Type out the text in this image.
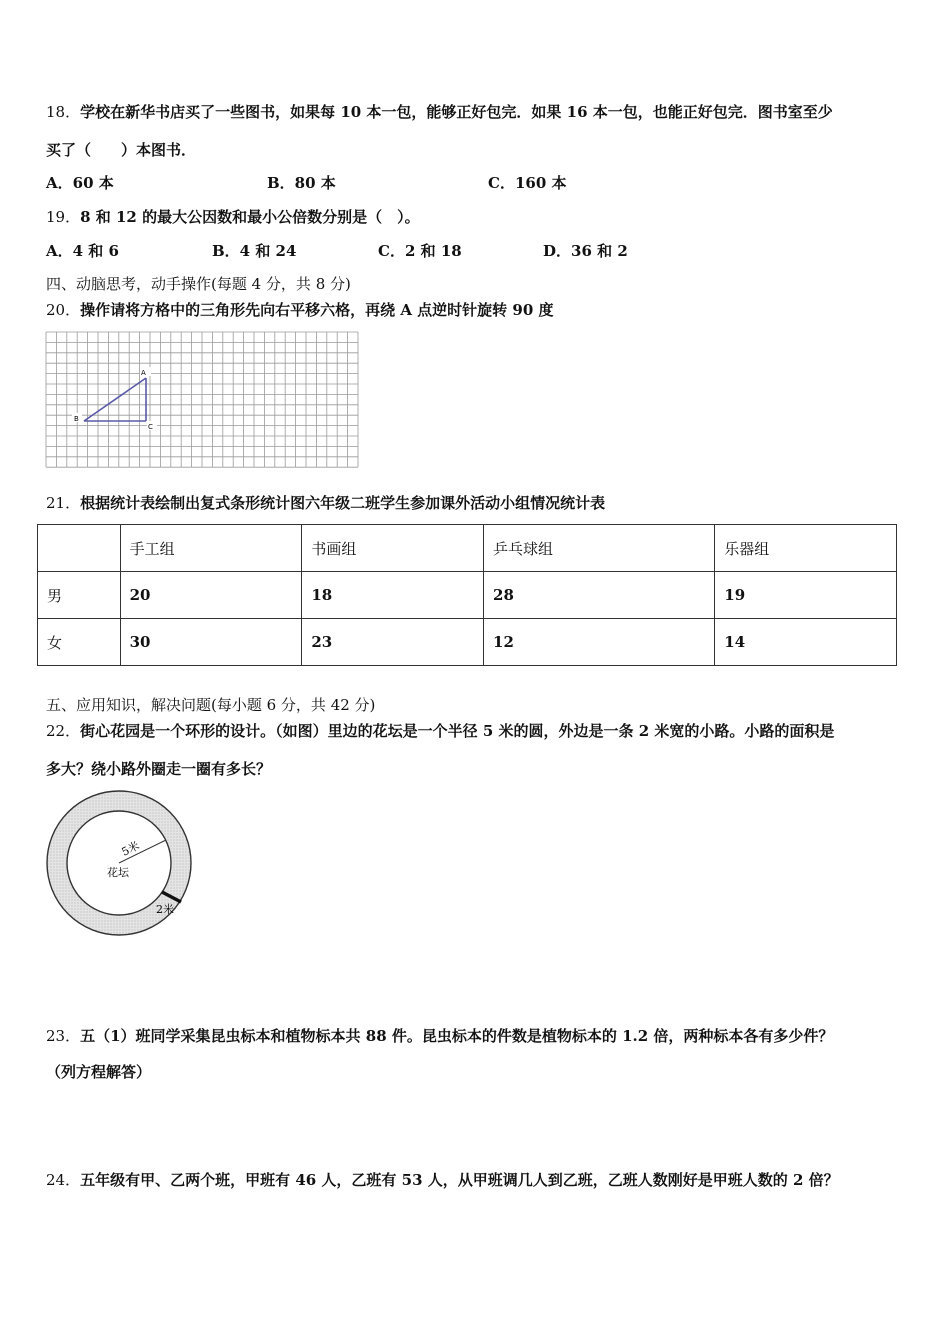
18．学校在新华书店买了一些图书，如果每 10 本一包，能够正好包完．如果 16 本一包，也能正好包完．图书室至少
买了（　　）本图书．
A．60 本	B．80 本	C．160 本
19．8 和 12 的最大公因数和最小公倍数分别是（　）。
A．4 和 6	B．4 和 24	C．2 和 18	D．36 和 2
四、动脑思考，动手操作(每题 4 分，共 8 分)
20．操作请将方格中的三角形先向右平移六格，再绕 A 点逆时针旋转 90 度
A
B
C
21．根据统计表绘制出复式条形统计图六年级二班学生参加课外活动小组情况统计表
	手工组	书画组	乒乓球组	乐器组
男	20	18	28	19
女	30	23	12	14
五、应用知识，解决问题(每小题 6 分，共 42 分)
22．街心花园是一个环形的设计。（如图）里边的花坛是一个半径 5 米的圆，外边是一条 2 米宽的小路。小路的面积是
多大？绕小路外圈走一圈有多长？
5米
花坛
2米
23．五（1）班同学采集昆虫标本和植物标本共 88 件。昆虫标本的件数是植物标本的 1.2 倍，两种标本各有多少件？
（列方程解答）
24．五年级有甲、乙两个班，甲班有 46 人，乙班有 53 人，从甲班调几人到乙班，乙班人数刚好是甲班人数的 2 倍？
